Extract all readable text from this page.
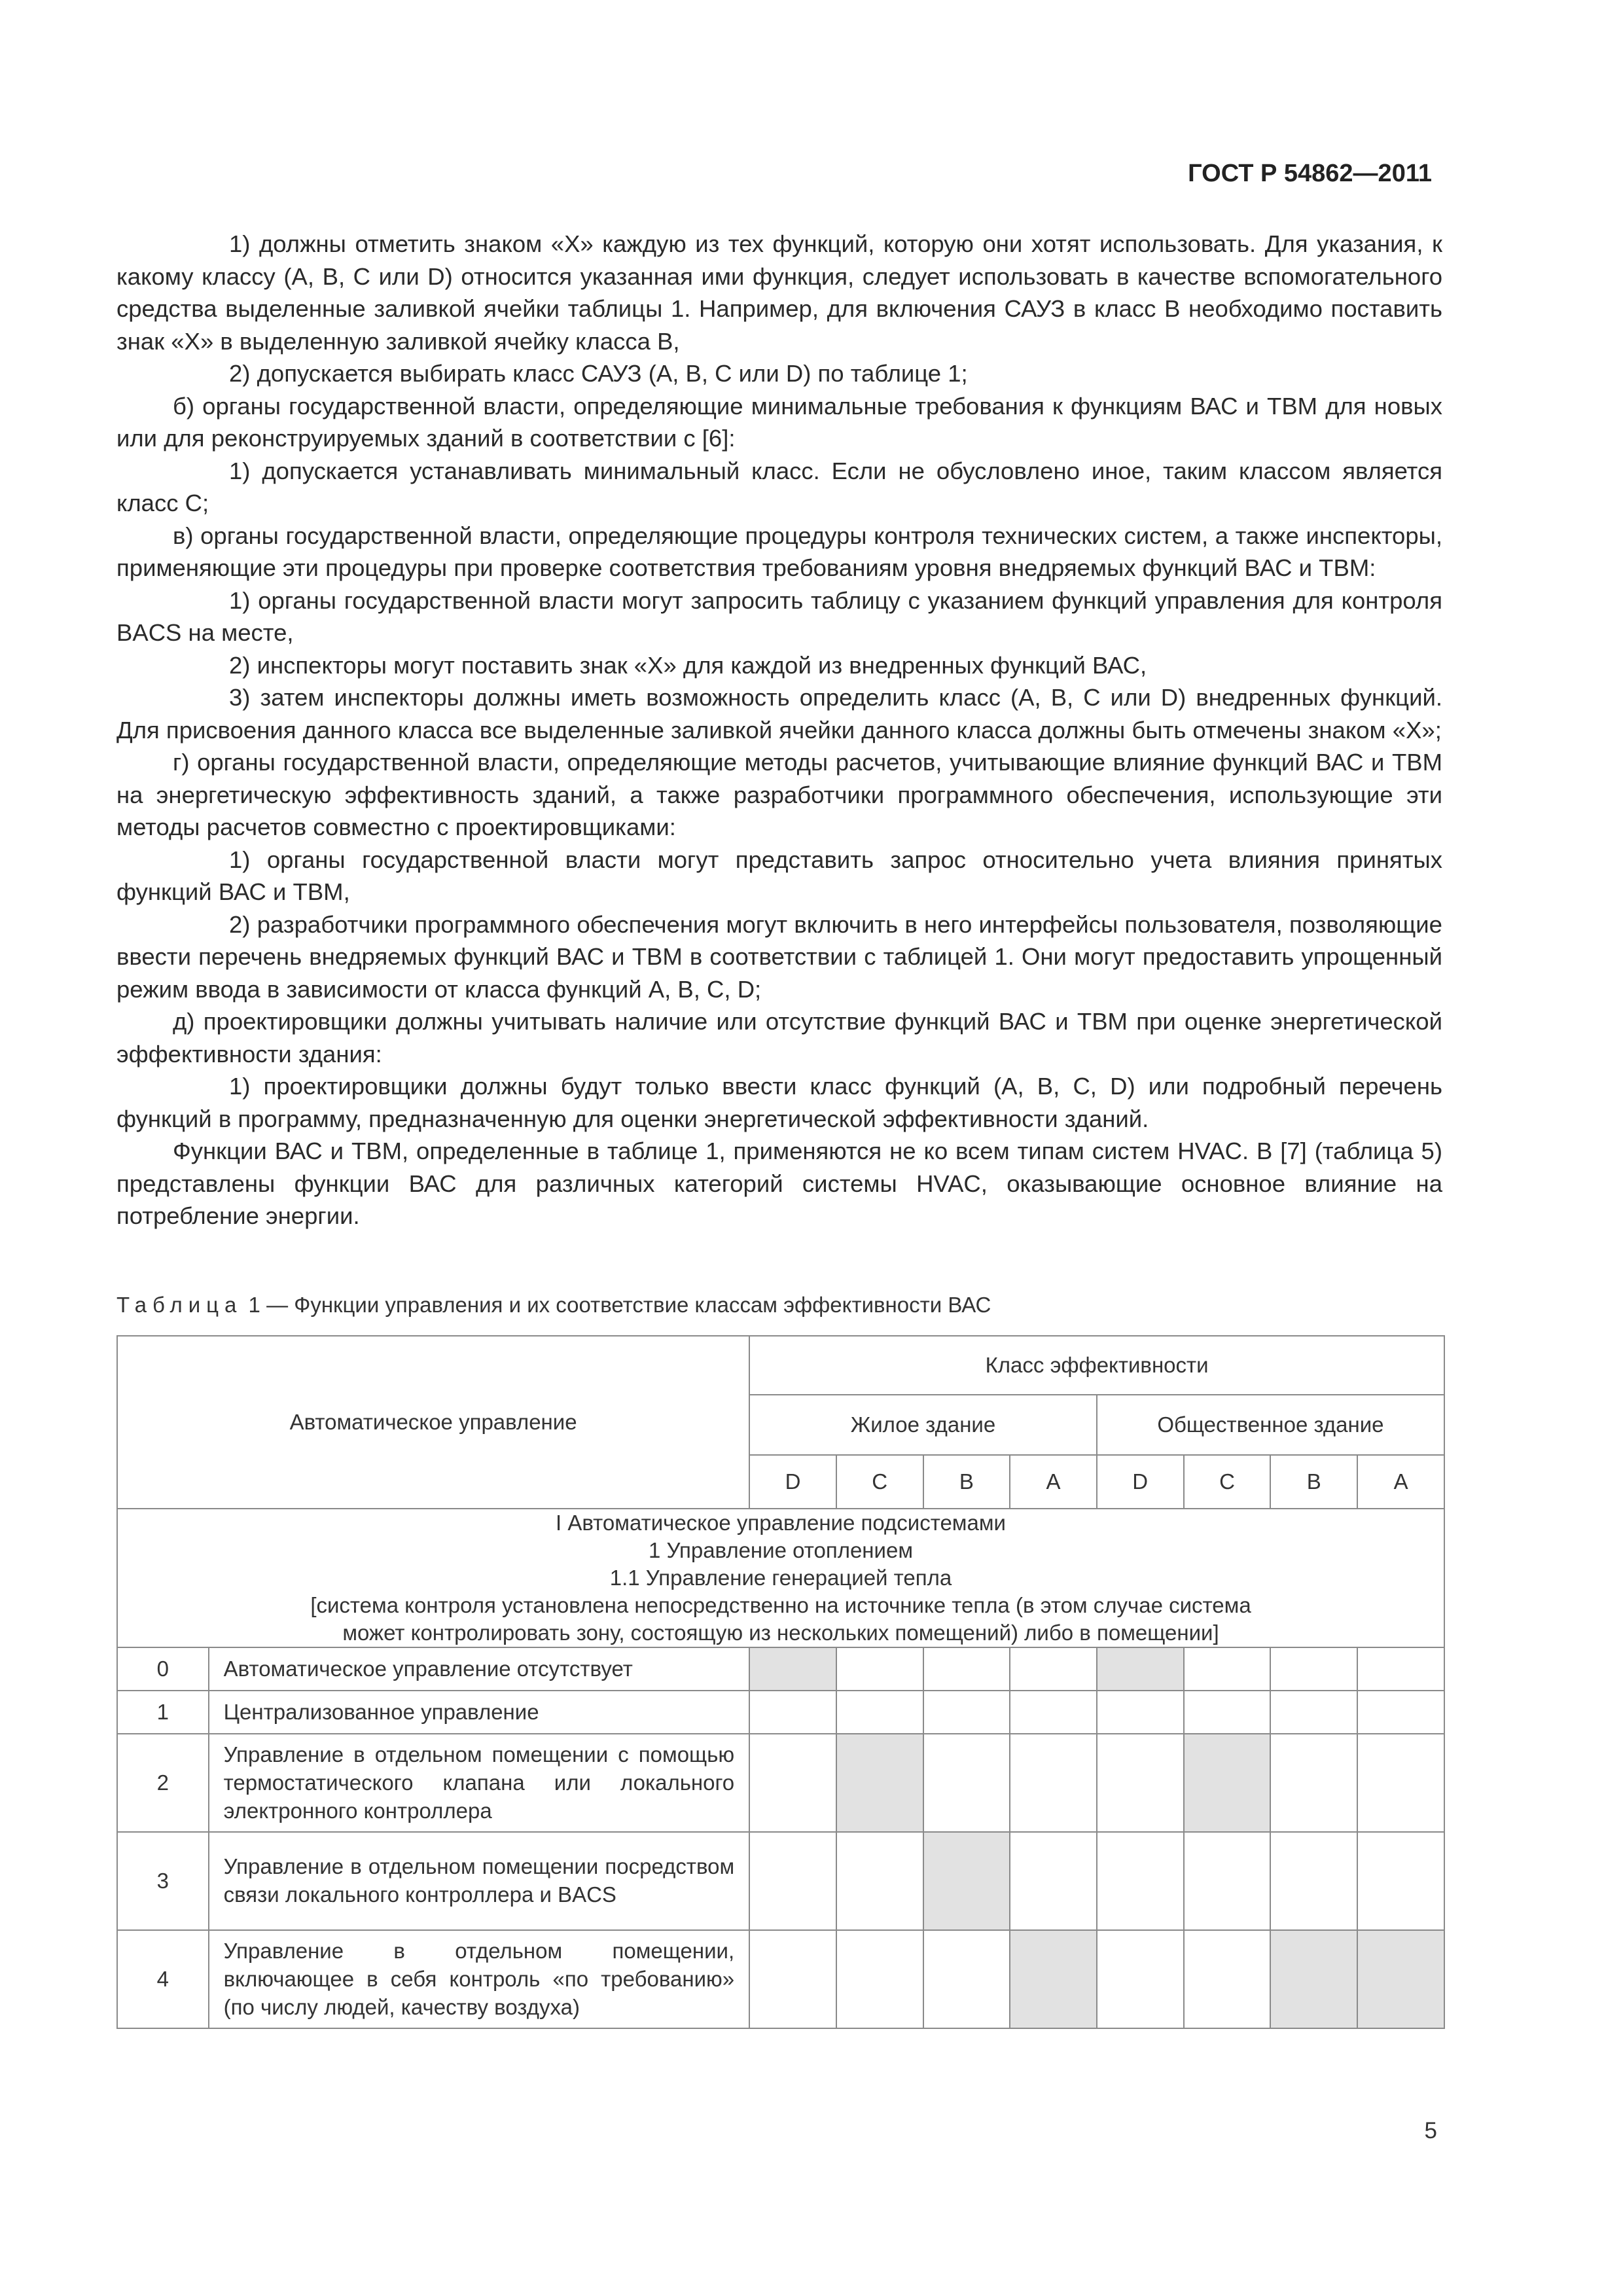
ГОСТ Р 54862—2011

1) должны отметить знаком «Х» каждую из тех функций, которую они хотят использовать. Для указания, к какому классу (А, В, С или D) относится указанная ими функция, следует использовать в качестве вспомогательного средства выделенные заливкой ячейки таблицы 1. Например, для включения САУЗ в класс В необходимо поставить знак «Х» в выделенную заливкой ячейку класса В,

2) допускается выбирать класс САУЗ (А, В, С или D) по таблице 1;

б) органы государственной власти, определяющие минимальные требования к функциям ВАС и ТВМ для новых или для реконструируемых зданий в соответствии с [6]:

1) допускается устанавливать минимальный класс. Если не обусловлено иное, таким классом является класс С;

в) органы государственной власти, определяющие процедуры контроля технических систем, а также инспекторы, применяющие эти процедуры при проверке соответствия требованиям уровня внедряемых функций ВАС и ТВМ:

1) органы государственной власти могут запросить таблицу с указанием функций управления для контроля BACS на месте,

2) инспекторы могут поставить знак «Х» для каждой из внедренных функций ВАС,

3) затем инспекторы должны иметь возможность определить класс (А, В, С или D) внедренных функций. Для присвоения данного класса все выделенные заливкой ячейки данного класса должны быть отмечены знаком «Х»;

г) органы государственной власти, определяющие методы расчетов, учитывающие влияние функций ВАС и ТВМ на энергетическую эффективность зданий, а также разработчики программного обеспечения, использующие эти методы расчетов совместно с проектировщиками:

1) органы государственной власти могут представить запрос относительно учета влияния принятых функций ВАС и ТВМ,

2) разработчики программного обеспечения могут включить в него интерфейсы пользователя, позволяющие ввести перечень внедряемых функций ВАС и ТВМ в соответствии с таблицей 1. Они могут предоставить упрощенный режим ввода в зависимости от класса функций А, В, С, D;

д) проектировщики должны учитывать наличие или отсутствие функций ВАС и ТВМ при оценке энергетической эффективности здания:

1) проектировщики должны будут только ввести класс функций (А, В, С, D) или подробный перечень функций в программу, предназначенную для оценки энергетической эффективности зданий.

Функции ВАС и ТВМ, определенные в таблице 1, применяются не ко всем типам систем HVAC. В [7] (таблица 5) представлены функции ВАС для различных категорий системы HVAC, оказывающие основное влияние на потребление энергии.

Таблица 1 — Функции управления и их соответствие классам эффективности ВАС
Автоматическое управление		Класс эффективности							
		Жилое здание				Общественное здание			
		D	C	B	A	D	C	B	A

I Автоматическое управление подсистемами
1 Управление отоплением
1.1 Управление генерацией тепла
[система контроля установлена непосредственно на источнике тепла (в этом случае система
может контролировать зону, состоящую из нескольких помещений) либо в помещении]									

0	Автоматическое управление отсутствует								
1	Централизованное управление								
2	Управление в отдельном помещении с помощью термостатического клапана или локального электронного контроллера								
3	Управление в отдельном помещении посредством связи локального контроллера и BACS								
4	Управление в отдельном помещении, включающее в себя контроль «по требованию» (по числу людей, качеству воздуха)								
5
